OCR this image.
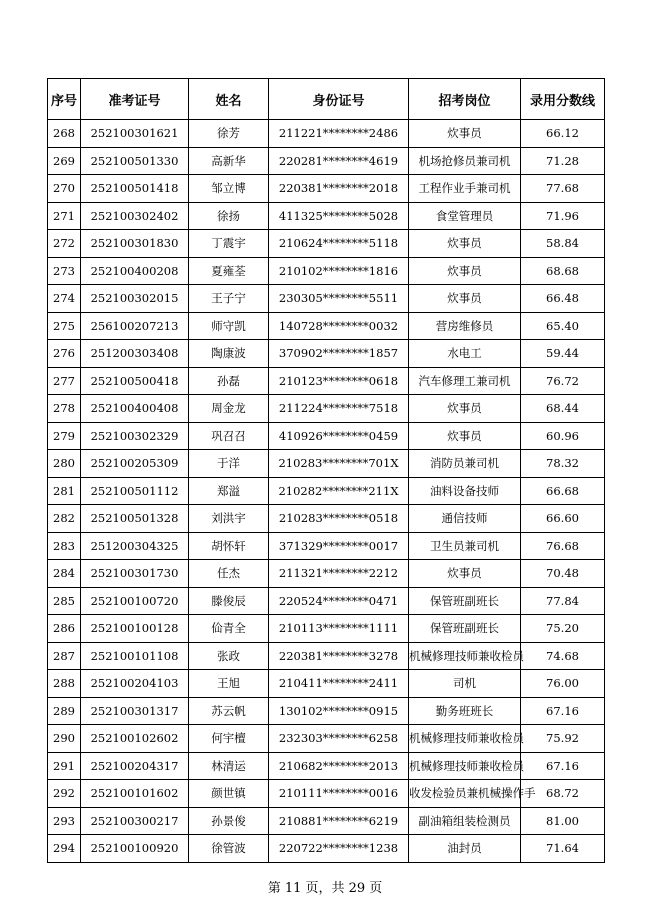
序号	准考证号	姓名	身份证号	招考岗位	录用分数线
268	252100301621	徐芳	211221********2486	炊事员	66.12
269	252100501330	高新华	220281********4619	机场抢修员兼司机	71.28
270	252100501418	邹立博	220381********2018	工程作业手兼司机	77.68
271	252100302402	徐扬	411325********5028	食堂管理员	71.96
272	252100301830	丁震宇	210624********5118	炊事员	58.84
273	252100400208	夏雍荃	210102********1816	炊事员	68.68
274	252100302015	王子宁	230305********5511	炊事员	66.48
275	256100207213	师守凯	140728********0032	营房维修员	65.40
276	251200303408	陶康波	370902********1857	水电工	59.44
277	252100500418	孙磊	210123********0618	汽车修理工兼司机	76.72
278	252100400408	周金龙	211224********7518	炊事员	68.44
279	252100302329	巩召召	410926********0459	炊事员	60.96
280	252100205309	于洋	210283********701X	消防员兼司机	78.32
281	252100501112	郑溢	210282********211X	油料设备技师	66.68
282	252100501328	刘洪宇	210283********0518	通信技师	66.60
283	251200304325	胡怀轩	371329********0017	卫生员兼司机	76.68
284	252100301730	任杰	211321********2212	炊事员	70.48
285	252100100720	滕俊辰	220524********0471	保管班副班长	77.84
286	252100100128	佡青全	210113********1111	保管班副班长	75.20
287	252100101108	张政	220381********3278	机械修理技师兼收检员	74.68
288	252100204103	王旭	210411********2411	司机	76.00
289	252100301317	苏云帆	130102********0915	勤务班班长	67.16
290	252100102602	何宇檀	232303********6258	机械修理技师兼收检员	75.92
291	252100204317	林清运	210682********2013	机械修理技师兼收检员	67.16
292	252100101602	颜世镇	210111********0016	收发检验员兼机械操作手	68.72
293	252100300217	孙景俊	210881********6219	副油箱组装检测员	81.00
294	252100100920	徐管波	220722********1238	油封员	71.64
第 11 页，共 29 页
